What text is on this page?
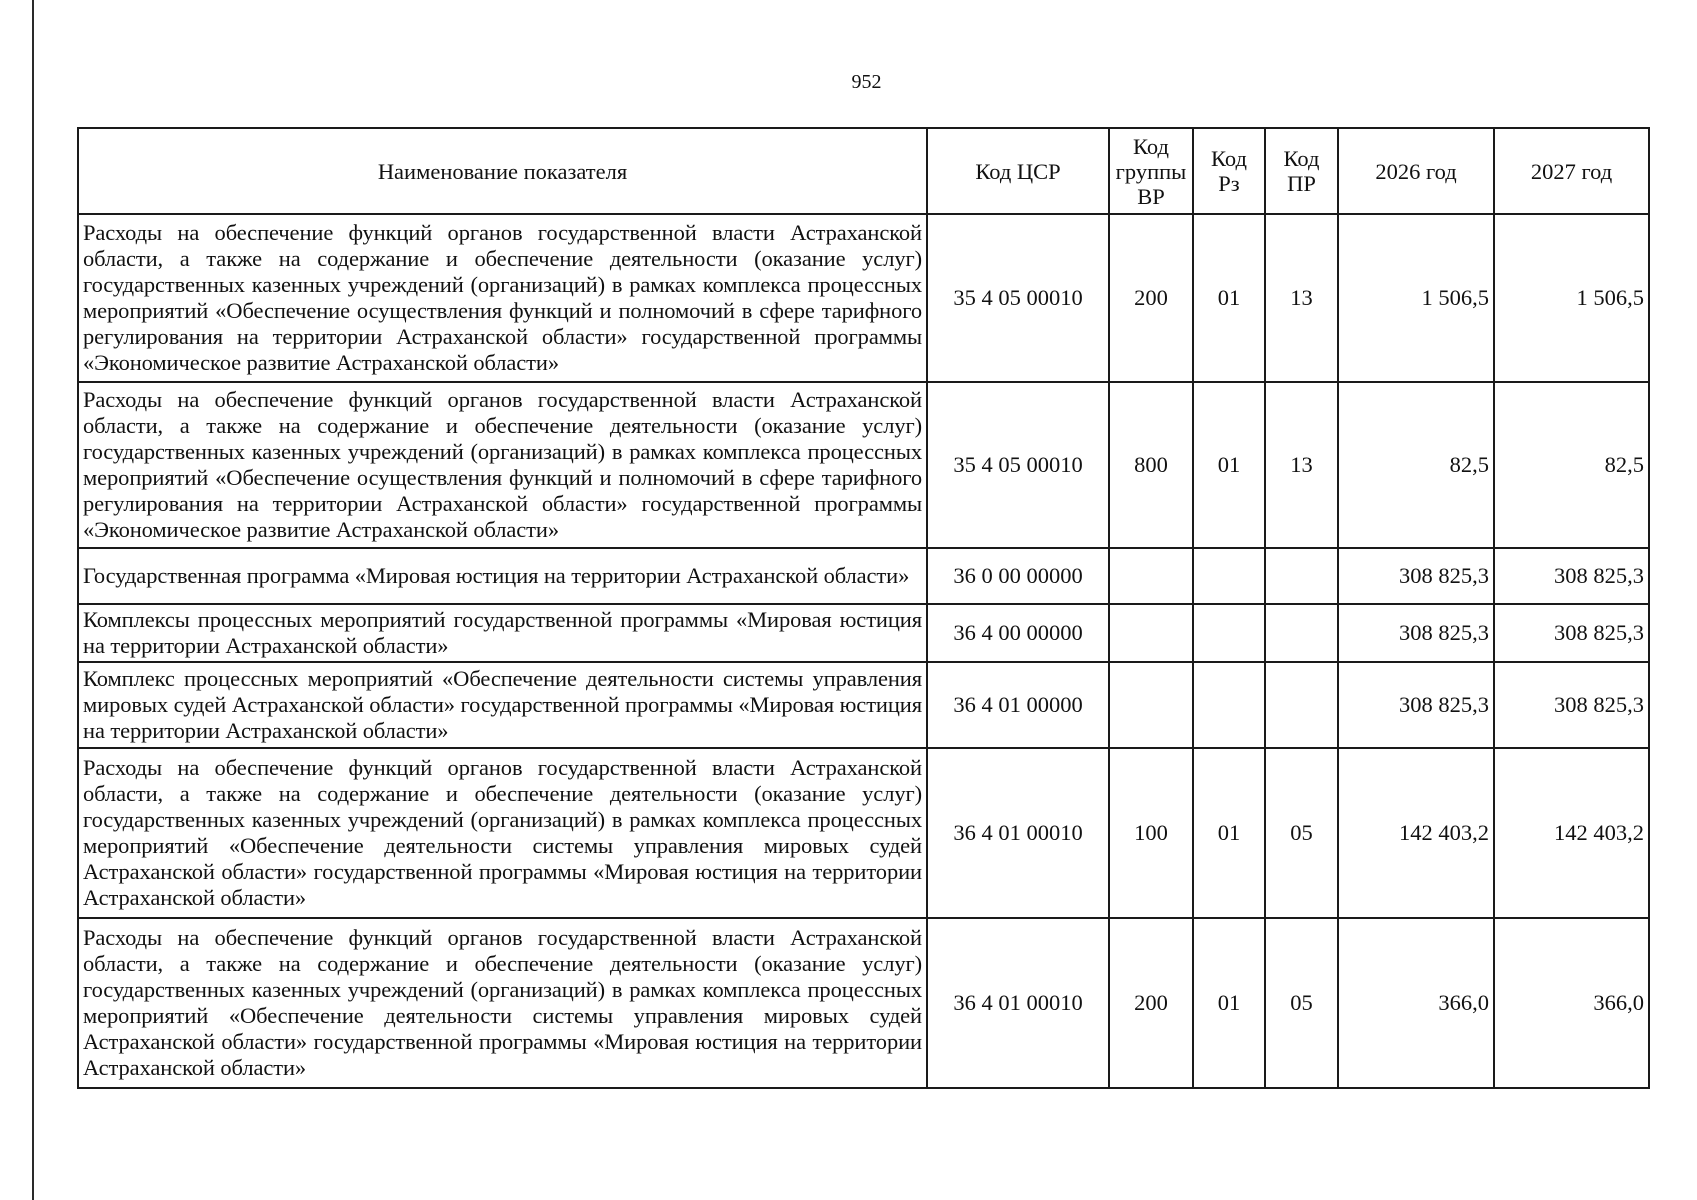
952
Наименование показателя	Код ЦСР	Код группы ВР	Код Рз	Код ПР	2026 год	2027 год
Расходы на обеспечение функций органов государственной власти Астраханской области, а также на содержание и обеспечение деятельности (оказание услуг) государственных казенных учреждений (организаций) в рамках комплекса процессных мероприятий «Обеспечение осуществления функций и полномочий в сфере тарифного регулирования на территории Астраханской области» государственной программы «Экономическое развитие Астраханской области»	35 4 05 00010	200	01	13	1 506,5	1 506,5
Расходы на обеспечение функций органов государственной власти Астраханской области, а также на содержание и обеспечение деятельности (оказание услуг) государственных казенных учреждений (организаций) в рамках комплекса процессных мероприятий «Обеспечение осуществления функций и полномочий в сфере тарифного регулирования на территории Астраханской области» государственной программы «Экономическое развитие Астраханской области»	35 4 05 00010	800	01	13	82,5	82,5
Государственная программа «Мировая юстиция на территории Астраханской области»	36 0 00 00000				308 825,3	308 825,3
Комплексы процессных мероприятий государственной программы «Мировая юстиция на территории Астраханской области»	36 4 00 00000				308 825,3	308 825,3
Комплекс процессных мероприятий «Обеспечение деятельности системы управления мировых судей Астраханской области» государственной программы «Мировая юстиция на территории Астраханской области»	36 4 01 00000				308 825,3	308 825,3
Расходы на обеспечение функций органов государственной власти Астраханской области, а также на содержание и обеспечение деятельности (оказание услуг) государственных казенных учреждений (организаций) в рамках комплекса процессных мероприятий «Обеспечение деятельности системы управления мировых судей Астраханской области» государственной программы «Мировая юстиция на территории Астраханской области»	36 4 01 00010	100	01	05	142 403,2	142 403,2
Расходы на обеспечение функций органов государственной власти Астраханской области, а также на содержание и обеспечение деятельности (оказание услуг) государственных казенных учреждений (организаций) в рамках комплекса процессных мероприятий «Обеспечение деятельности системы управления мировых судей Астраханской области» государственной программы «Мировая юстиция на территории Астраханской области»	36 4 01 00010	200	01	05	366,0	366,0
